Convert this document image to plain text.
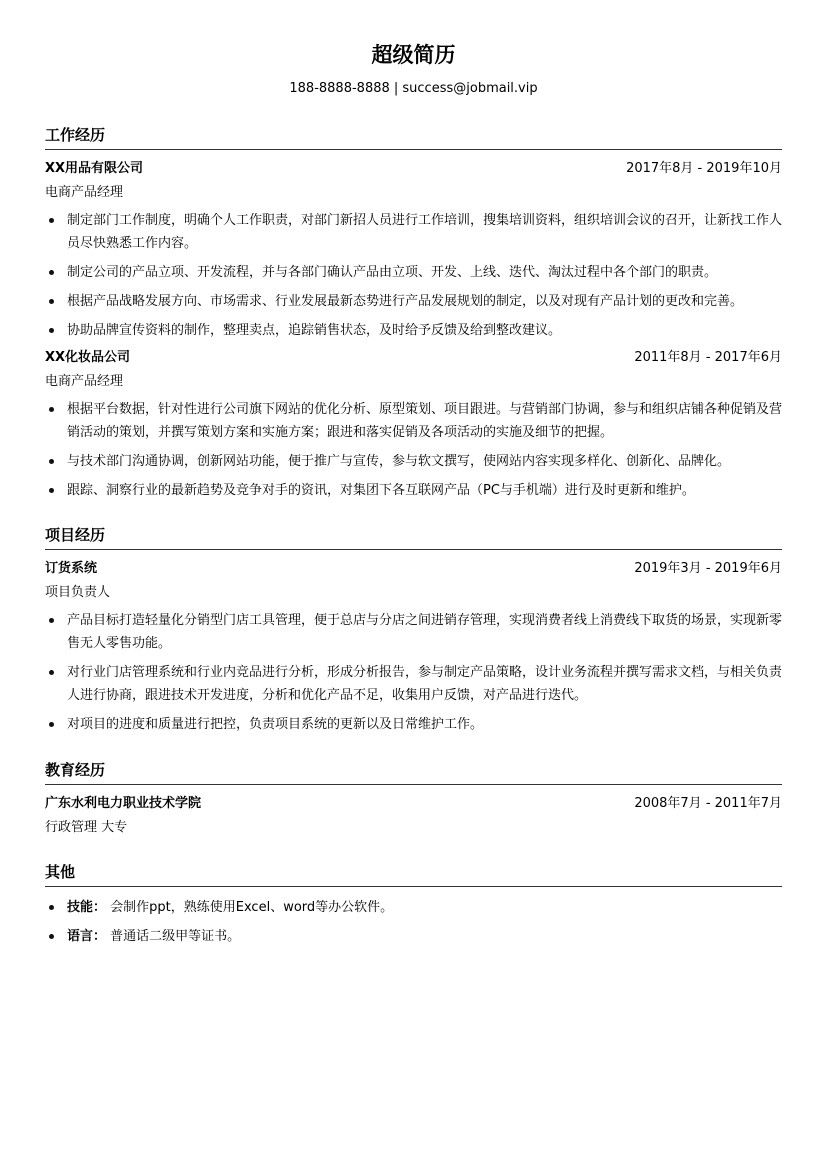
超级简历
188-8888-8888 | success@jobmail.vip
工作经历
XX用品有限公司	2017年8月 - 2019年10月
电商产品经理
制定部门工作制度，明确个人工作职责，对部门新招人员进行工作培训，搜集培训资料，组织培训会议的召开，让新找工作人员尽快熟悉工作内容。
制定公司的产品立项、开发流程，并与各部门确认产品由立项、开发、上线、迭代、淘汰过程中各个部门的职责。
根据产品战略发展方向、市场需求、行业发展最新态势进行产品发展规划的制定，以及对现有产品计划的更改和完善。
协助品牌宣传资料的制作，整理卖点，追踪销售状态，及时给予反馈及给到整改建议。
XX化妆品公司	2011年8月 - 2017年6月
电商产品经理
根据平台数据，针对性进行公司旗下网站的优化分析、原型策划、项目跟进。与营销部门协调，参与和组织店铺各种促销及营销活动的策划，并撰写策划方案和实施方案；跟进和落实促销及各项活动的实施及细节的把握。
与技术部门沟通协调，创新网站功能，便于推广与宣传，参与软文撰写，使网站内容实现多样化、创新化、品牌化。
跟踪、洞察行业的最新趋势及竞争对手的资讯，对集团下各互联网产品（PC与手机端）进行及时更新和维护。
项目经历
订货系统	2019年3月 - 2019年6月
项目负责人
产品目标打造轻量化分销型门店工具管理，便于总店与分店之间进销存管理，实现消费者线上消费线下取货的场景，实现新零售无人零售功能。
对行业门店管理系统和行业内竞品进行分析，形成分析报告，参与制定产品策略，设计业务流程并撰写需求文档，与相关负责人进行协商，跟进技术开发进度，分析和优化产品不足，收集用户反馈，对产品进行迭代。
对项目的进度和质量进行把控，负责项目系统的更新以及日常维护工作。
教育经历
广东水利电力职业技术学院	2008年7月 - 2011年7月
行政管理 大专
其他
技能： 会制作ppt，熟练使用Excel、word等办公软件。
语言： 普通话二级甲等证书。
